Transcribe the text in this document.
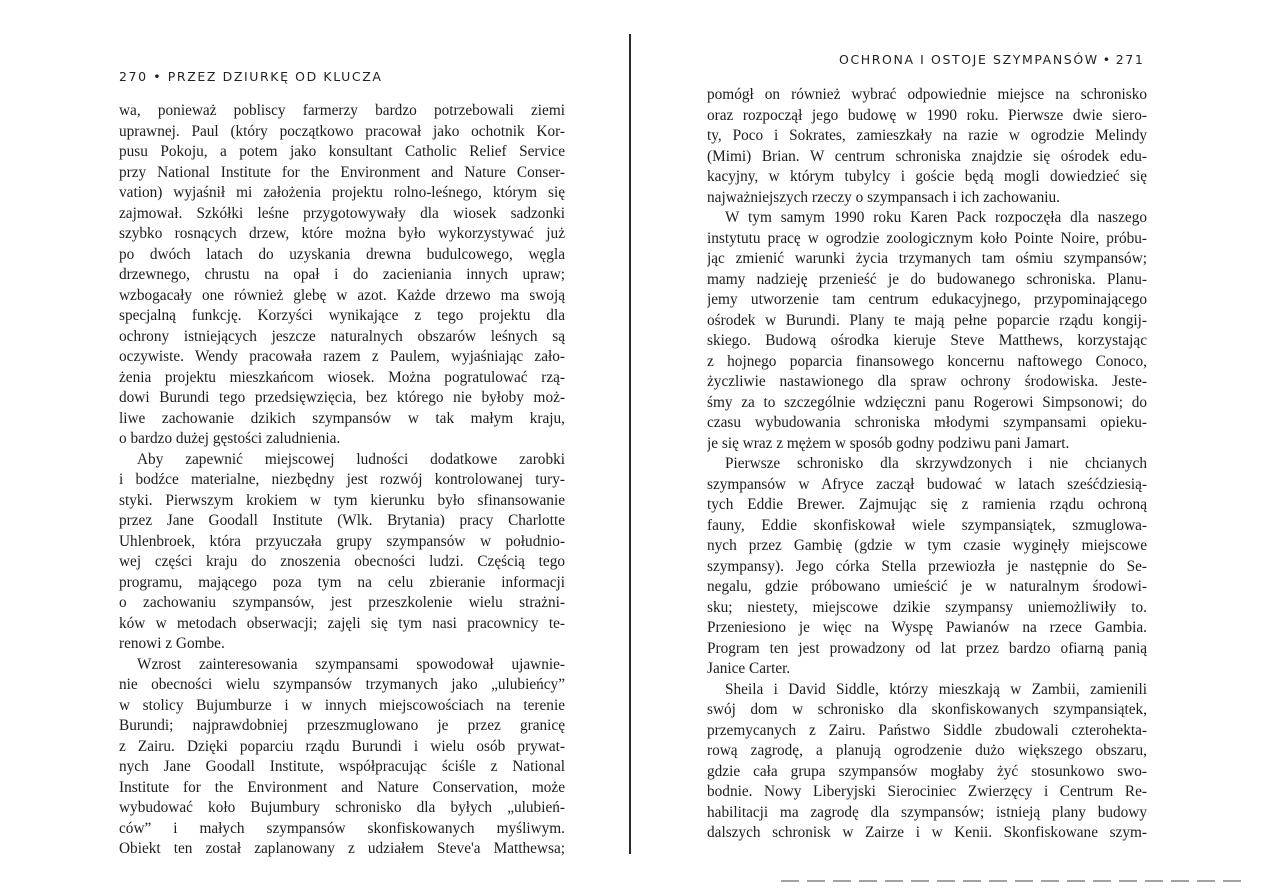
270 • PRZEZ DZIURKĘ OD KLUCZA
wa, ponieważ pobliscy farmerzy bardzo potrzebowali ziemi
uprawnej. Paul (który początkowo pracował jako ochotnik Kor-
pusu Pokoju, a potem jako konsultant Catholic Relief Service
przy National Institute for the Environment and Nature Conser-
vation) wyjaśnił mi założenia projektu rolno-leśnego, którym się
zajmował. Szkółki leśne przygotowywały dla wiosek sadzonki
szybko rosnących drzew, które można było wykorzystywać już
po dwóch latach do uzyskania drewna budulcowego, węgla
drzewnego, chrustu na opał i do zacieniania innych upraw;
wzbogacały one również glebę w azot. Każde drzewo ma swoją
specjalną funkcję. Korzyści wynikające z tego projektu dla
ochrony istniejących jeszcze naturalnych obszarów leśnych są
oczywiste. Wendy pracowała razem z Paulem, wyjaśniając zało-
żenia projektu mieszkańcom wiosek. Można pogratulować rzą-
dowi Burundi tego przedsięwzięcia, bez którego nie byłoby moż-
liwe zachowanie dzikich szympansów w tak małym kraju,
o bardzo dużej gęstości zaludnienia.
Aby zapewnić miejscowej ludności dodatkowe zarobki
i bodźce materialne, niezbędny jest rozwój kontrolowanej tury-
styki. Pierwszym krokiem w tym kierunku było sfinansowanie
przez Jane Goodall Institute (Wlk. Brytania) pracy Charlotte
Uhlenbroek, która przyuczała grupy szympansów w południo-
wej części kraju do znoszenia obecności ludzi. Częścią tego
programu, mającego poza tym na celu zbieranie informacji
o zachowaniu szympansów, jest przeszkolenie wielu strażni-
ków w metodach obserwacji; zajęli się tym nasi pracownicy te-
renowi z Gombe.
Wzrost zainteresowania szympansami spowodował ujawnie-
nie obecności wielu szympansów trzymanych jako „ulubieńcy”
w stolicy Bujumburze i w innych miejscowościach na terenie
Burundi; najprawdobniej przeszmuglowano je przez granicę
z Zairu. Dzięki poparciu rządu Burundi i wielu osób prywat-
nych Jane Goodall Institute, współpracując ściśle z National
Institute for the Environment and Nature Conservation, może
wybudować koło Bujumbury schronisko dla byłych „ulubień-
ców” i małych szympansów skonfiskowanych myśliwym.
Obiekt ten został zaplanowany z udziałem Steve'a Matthewsa;
OCHRONA I OSTOJE SZYMPANSÓW • 271
pomógł on również wybrać odpowiednie miejsce na schronisko
oraz rozpoczął jego budowę w 1990 roku. Pierwsze dwie siero-
ty, Poco i Sokrates, zamieszkały na razie w ogrodzie Melindy
(Mimi) Brian. W centrum schroniska znajdzie się ośrodek edu-
kacyjny, w którym tubylcy i goście będą mogli dowiedzieć się
najważniejszych rzeczy o szympansach i ich zachowaniu.
W tym samym 1990 roku Karen Pack rozpoczęła dla naszego
instytutu pracę w ogrodzie zoologicznym koło Pointe Noire, próbu-
jąc zmienić warunki życia trzymanych tam ośmiu szympansów;
mamy nadzieję przenieść je do budowanego schroniska. Planu-
jemy utworzenie tam centrum edukacyjnego, przypominającego
ośrodek w Burundi. Plany te mają pełne poparcie rządu kongij-
skiego. Budową ośrodka kieruje Steve Matthews, korzystając
z hojnego poparcia finansowego koncernu naftowego Conoco,
życzliwie nastawionego dla spraw ochrony środowiska. Jeste-
śmy za to szczególnie wdzięczni panu Rogerowi Simpsonowi; do
czasu wybudowania schroniska młodymi szympansami opieku-
je się wraz z mężem w sposób godny podziwu pani Jamart.
Pierwsze schronisko dla skrzywdzonych i nie chcianych
szympansów w Afryce zaczął budować w latach sześćdziesią-
tych Eddie Brewer. Zajmując się z ramienia rządu ochroną
fauny, Eddie skonfiskował wiele szympansiątek, szmuglowa-
nych przez Gambię (gdzie w tym czasie wyginęły miejscowe
szympansy). Jego córka Stella przewiozła je następnie do Se-
negalu, gdzie próbowano umieścić je w naturalnym środowi-
sku; niestety, miejscowe dzikie szympansy uniemożliwiły to.
Przeniesiono je więc na Wyspę Pawianów na rzece Gambia.
Program ten jest prowadzony od lat przez bardzo ofiarną panią
Janice Carter.
Sheila i David Siddle, którzy mieszkają w Zambii, zamienili
swój dom w schronisko dla skonfiskowanych szympansiątek,
przemycanych z Zairu. Państwo Siddle zbudowali czterohekta-
rową zagrodę, a planują ogrodzenie dużo większego obszaru,
gdzie cała grupa szympansów mogłaby żyć stosunkowo swo-
bodnie. Nowy Liberyjski Sierociniec Zwierzęcy i Centrum Re-
habilitacji ma zagrodę dla szympansów; istnieją plany budowy
dalszych schronisk w Zairze i w Kenii. Skonfiskowane szym-
